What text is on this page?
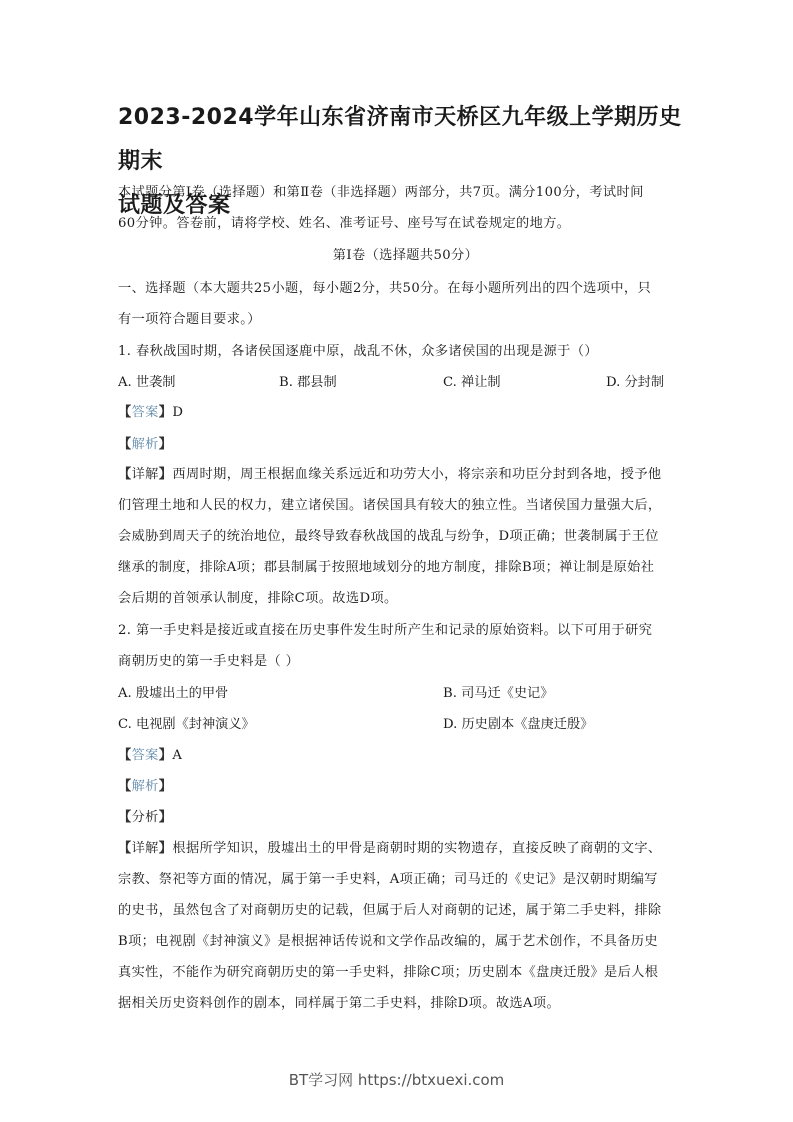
2023-2024学年山东省济南市天桥区九年级上学期历史期末
试题及答案
本试题分第Ⅰ卷（选择题）和第Ⅱ卷（非选择题）两部分，共7页。满分100分，考试时间
60分钟。答卷前，请将学校、姓名、准考证号、座号写在试卷规定的地方。
第Ⅰ卷（选择题共50分）
一、选择题（本大题共25小题，每小题2分，共50分。在每小题所列出的四个选项中，只
有一项符合题目要求。）
1. 春秋战国时期，各诸侯国逐鹿中原，战乱不休，众多诸侯国的出现是源于（）
A. 世袭制	B. 郡县制	C. 禅让制	D. 分封制
【答案】D
【解析】
【详解】西周时期，周王根据血缘关系远近和功劳大小，将宗亲和功臣分封到各地，授予他
们管理土地和人民的权力，建立诸侯国。诸侯国具有较大的独立性。当诸侯国力量强大后，
会威胁到周天子的统治地位，最终导致春秋战国的战乱与纷争，D项正确；世袭制属于王位
继承的制度，排除A项；郡县制属于按照地域划分的地方制度，排除B项；禅让制是原始社
会后期的首领承认制度，排除C项。故选D项。
2. 第一手史料是接近或直接在历史事件发生时所产生和记录的原始资料。以下可用于研究
商朝历史的第一手史料是（ ）
A. 殷墟出土的甲骨	B. 司马迁《史记》
C. 电视剧《封神演义》	D. 历史剧本《盘庚迁殷》
【答案】A
【解析】
【分析】
【详解】根据所学知识，殷墟出土的甲骨是商朝时期的实物遗存，直接反映了商朝的文字、
宗教、祭祀等方面的情况，属于第一手史料，A项正确；司马迁的《史记》是汉朝时期编写
的史书，虽然包含了对商朝历史的记载，但属于后人对商朝的记述，属于第二手史料，排除
B项；电视剧《封神演义》是根据神话传说和文学作品改编的，属于艺术创作，不具备历史
真实性，不能作为研究商朝历史的第一手史料，排除C项；历史剧本《盘庚迁殷》是后人根
据相关历史资料创作的剧本，同样属于第二手史料，排除D项。故选A项。
BT学习网 https://btxuexi.com
